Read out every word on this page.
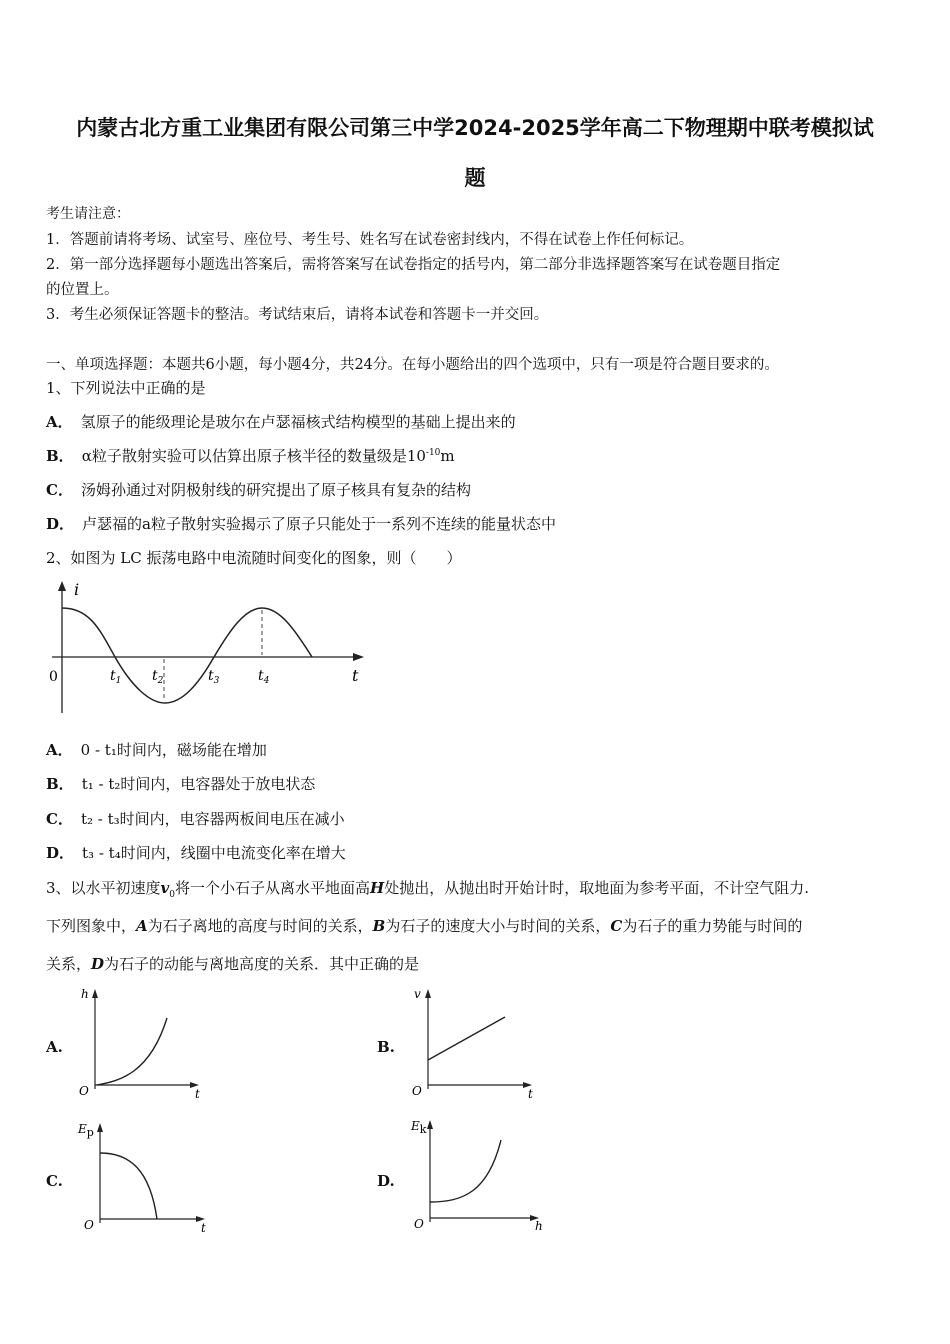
内蒙古北方重工业集团有限公司第三中学2024-2025学年高二下物理期中联考模拟试
题
考生请注意：
1．答题前请将考场、试室号、座位号、考生号、姓名写在试卷密封线内，不得在试卷上作任何标记。
2．第一部分选择题每小题选出答案后，需将答案写在试卷指定的括号内，第二部分非选择题答案写在试卷题目指定
的位置上。
3．考生必须保证答题卡的整洁。考试结束后，请将本试卷和答题卡一并交回。
一、单项选择题：本题共6小题，每小题4分，共24分。在每小题给出的四个选项中，只有一项是符合题目要求的。
1、下列说法中正确的是
A． 氢原子的能级理论是玻尔在卢瑟福核式结构模型的基础上提出来的
B． α粒子散射实验可以估算出原子核半径的数量级是$10^{-10}m$
C． 汤姆孙通过对阴极射线的研究提出了原子核具有复杂的结构
D． 卢瑟福的a粒子散射实验揭示了原子只能处于一系列不连续的能量状态中
2、如图为 LC 振荡电路中电流随时间变化的图象，则（　　）
i
t
0	$t_1$ $t_2$	$t_3$	$t_4$
A． 0 - t₁时间内，磁场能在增加
B． t₁ - t₂时间内，电容器处于放电状态
C． t₂ - t₃时间内，电容器两板间电压在减小
D． t₃ - t₄时间内，线圈中电流变化率在增大
3、以水平初速度$v_0$将一个小石子从离水平地面高H处抛出，从抛出时开始计时，取地面为参考平面，不计空气阻力.
下列图象中，A为石子离地的高度与时间的关系，B为石子的速度大小与时间的关系，C为石子的重力势能与时间的
关系，D为石子的动能与离地高度的关系．其中正确的是
A.
h
t
O
B.
v
t
O
C.
Ep
t
O
D.
Ek
h
O
